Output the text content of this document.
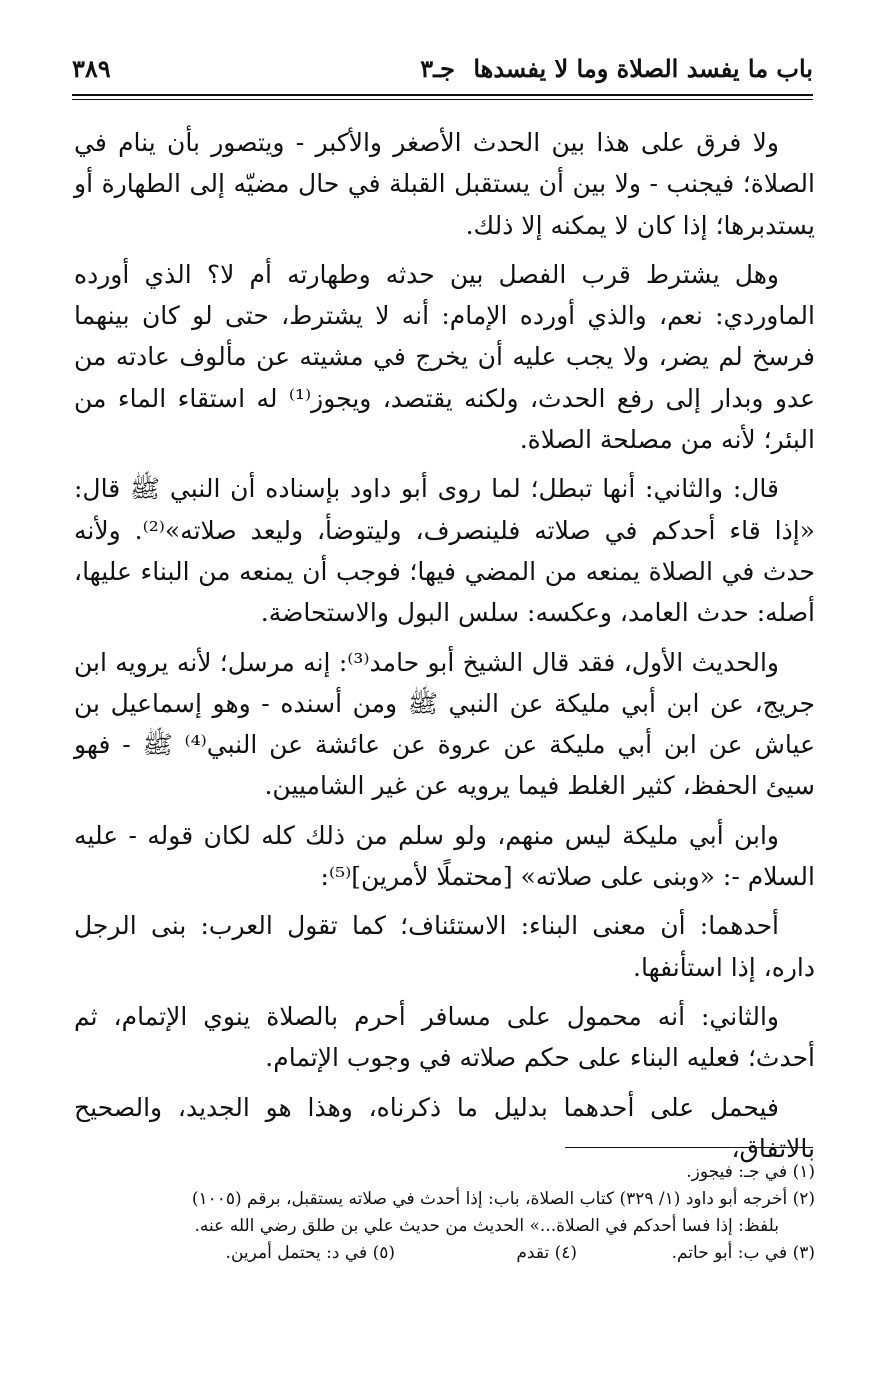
باب ما يفسد الصلاة وما لا يفسدها
جـ٣
٣٨٩

ولا فرق على هذا بين الحدث الأصغر والأكبر - ويتصور بأن ينام في الصلاة؛ فيجنب - ولا بين أن يستقبل القبلة في حال مضيّه إلى الطهارة أو يستدبرها؛ إذا كان لا يمكنه إلا ذلك.

وهل يشترط قرب الفصل بين حدثه وطهارته أم لا؟ الذي أورده الماوردي: نعم، والذي أورده الإمام: أنه لا يشترط، حتى لو كان بينهما فرسخ لم يضر، ولا يجب عليه أن يخرج في مشيته عن مألوف عادته من عدو وبدار إلى رفع الحدث، ولكنه يقتصد، ويجوز⁽¹⁾ له استقاء الماء من البئر؛ لأنه من مصلحة الصلاة.

قال: والثاني: أنها تبطل؛ لما روى أبو داود بإسناده أن النبي ﷺ قال: «إذا قاء أحدكم في صلاته فلينصرف، وليتوضأ، وليعد صلاته»⁽²⁾. ولأنه حدث في الصلاة يمنعه من المضي فيها؛ فوجب أن يمنعه من البناء عليها، أصله: حدث العامد، وعكسه: سلس البول والاستحاضة.

والحديث الأول، فقد قال الشيخ أبو حامد⁽³⁾: إنه مرسل؛ لأنه يرويه ابن جريج، عن ابن أبي مليكة عن النبي ﷺ ومن أسنده - وهو إسماعيل بن عياش عن ابن أبي مليكة عن عروة عن عائشة عن النبي⁽⁴⁾ ﷺ - فهو سيئ الحفظ، كثير الغلط فيما يرويه عن غير الشاميين.

وابن أبي مليكة ليس منهم، ولو سلم من ذلك كله لكان قوله - عليه السلام -: «وبنى على صلاته» [محتملًا لأمرين]⁽⁵⁾:

أحدهما: أن معنى البناء: الاستئناف؛ كما تقول العرب: بنى الرجل داره، إذا استأنفها.

والثاني: أنه محمول على مسافر أحرم بالصلاة ينوي الإتمام، ثم أحدث؛ فعليه البناء على حكم صلاته في وجوب الإتمام.

فيحمل على أحدهما بدليل ما ذكرناه، وهذا هو الجديد، والصحيح بالاتفاق،

(١) في جـ: فيجوز.

(٢) أخرجه أبو داود (١/ ٣٢٩) كتاب الصلاة، باب: إذا أحدث في صلاته يستقبل، برقم (١٠٠٥)

بلفظ: إذا فسا أحدكم في الصلاة...» الحديث من حديث علي بن طلق رضي الله عنه.

(٣) في ب: أبو حاتم.
(٤) تقدم
(٥) في د: يحتمل أمرين.
